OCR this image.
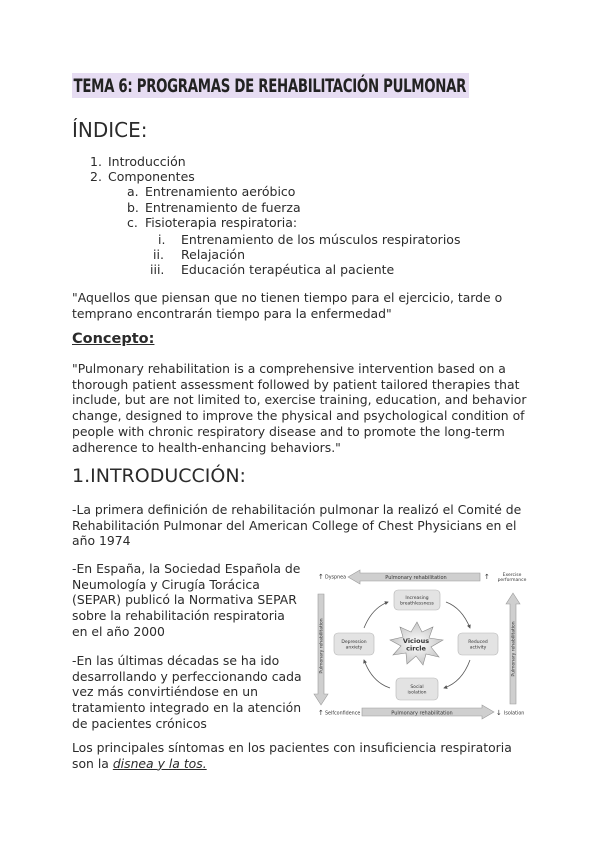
TEMA 6: PROGRAMAS DE REHABILITACIÓN PULMONAR
ÍNDICE:
1. Introducción
2. Componentes
a. Entrenamiento aeróbico
b. Entrenamiento de fuerza
c. Fisioterapia respiratoria:
i. Entrenamiento de los músculos respiratorios
ii. Relajación
iii. Educación terapéutica al paciente

"Aquellos que piensan que no tienen tiempo para el ejercicio, tarde o temprano encontrarán tiempo para la enfermedad"

Concepto:

"Pulmonary rehabilitation is a comprehensive intervention based on a thorough patient assessment followed by patient tailored therapies that include, but are not limited to, exercise training, education, and behavior change, designed to improve the physical and psychological condition of people with chronic respiratory disease and to promote the long-term adherence to health-enhancing behaviors."

1.INTRODUCCIÓN:

-La primera definición de rehabilitación pulmonar la realizó el Comité de Rehabilitación Pulmonar del American College of Chest Physicians en el año 1974

-En España, la Sociedad Española de Neumología y Cirugía Torácica (SEPAR) publicó la Normativa SEPAR sobre la rehabilitación respiratoria en el año 2000

-En las últimas décadas se ha ido desarrollando y perfeccionando cada vez más convirtiéndose en un tratamiento integrado en la atención de pacientes crónicos

Los principales síntomas en los pacientes con insuficiencia respiratoria son la disnea y la tos.

Pulmonary rehabilitation
Pulmonary rehabilitation
Pulmonary rehabilitation	Pulmonary rehabilitation
↑ Dyspnea	↑	Exercise
performance
↑ Selfconfidence	↓ Isolation
Increasing
breathlessness
Depression
anxiety
Reduced
activity
Social
isolation
Vicious
circle
